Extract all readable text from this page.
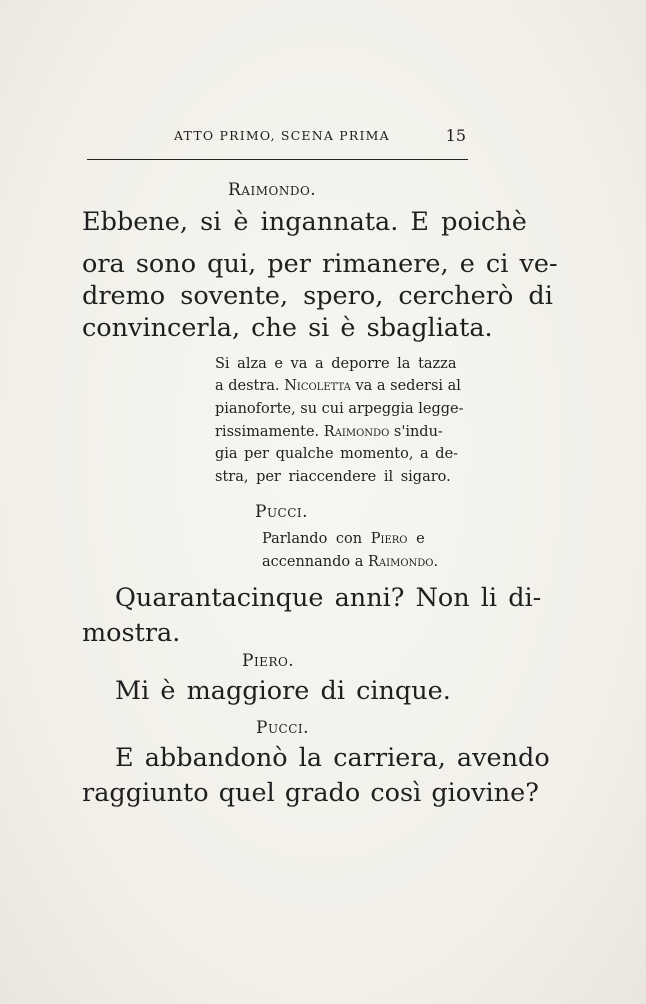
ATTO PRIMO, SCENA PRIMA	15
Raimondo.
Ebbene, si è ingannata. E poichè
ora sono qui, per rimanere, e ci ve-
dremo sovente, spero, cercherò di
convincerla, che si è sbagliata.
Si alza e va a deporre la tazza
a destra. Nicoletta va a sedersi al
pianoforte, su cui arpeggia legge-
rissimamente. Raimondo s'indu-
gia per qualche momento, a de-
stra, per riaccendere il sigaro.
Pucci.
Parlando con Piero e
accennando a Raimondo.
Quarantacinque anni? Non li di-
mostra.
Piero.
Mi è maggiore di cinque.
Pucci.
E abbandonò la carriera, avendo
raggiunto quel grado così giovine?
